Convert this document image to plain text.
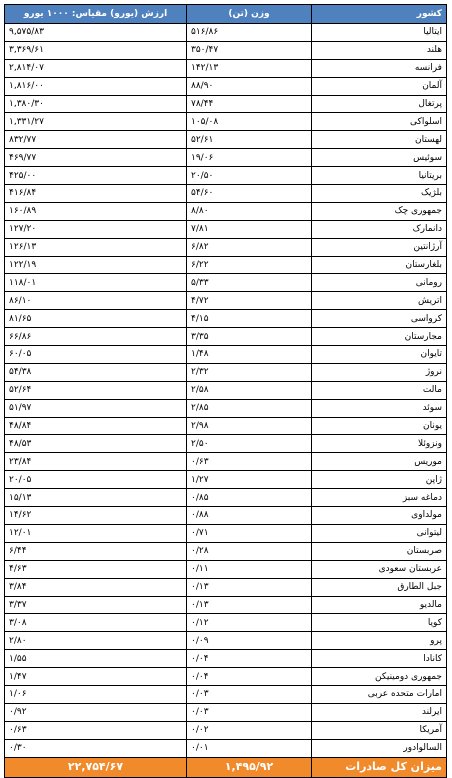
کشور	وزن (تن)	ارزش (یورو) مقیاس: ۱۰۰۰ یورو
ایتالیا	۵۱۶/۸۶	۹,۵۷۵/۸۳
هلند	۳۵۰/۴۷	۳,۳۶۹/۶۱
فرانسه	۱۴۲/۱۳	۲,۸۱۴/۰۷
آلمان	۸۸/۹۰	۱,۸۱۶/۰۰
پرتغال	۷۸/۴۴	۱,۳۸۰/۳۰
اسلواکی	۱۰۵/۰۸	۱,۳۳۱/۲۷
لهستان	۵۲/۶۱	۸۳۲/۷۷
سوئیس	۱۹/۰۶	۴۶۹/۷۷
بریتانیا	۲۰/۵۰	۴۲۵/۰۰
بلژیک	۵۴/۶۰	۴۱۶/۸۴
جمهوری چک	۸/۸۰	۱۶۰/۸۹
دانمارک	۷/۸۱	۱۲۷/۲۰
آرژانتین	۶/۸۲	۱۲۶/۱۳
بلغارستان	۶/۲۲	۱۲۲/۱۹
رومانی	۵/۳۳	۱۱۸/۰۱
اتریش	۴/۷۲	۸۶/۱۰
کرواسی	۴/۱۵	۸۱/۶۵
مجارستان	۳/۳۵	۶۶/۸۶
تایوان	۱/۴۸	۶۰/۰۵
نروژ	۲/۳۲	۵۴/۳۸
مالت	۲/۵۸	۵۲/۶۴
سوئد	۲/۸۵	۵۱/۹۷
یونان	۲/۹۸	۴۸/۸۴
ونزوئلا	۲/۵۰	۴۸/۵۳
موریس	۰/۶۳	۲۳/۸۴
ژاپن	۱/۲۷	۲۰/۰۵
دماغه سبز	۰/۸۵	۱۵/۱۳
مولداوی	۰/۸۸	۱۴/۶۲
لیتوانی	۰/۷۱	۱۲/۰۱
صربستان	۰/۲۸	۶/۴۴
عربستان سعودی	۰/۱۱	۴/۶۳
جبل الطارق	۰/۱۳	۳/۸۴
مالدیو	۰/۱۳	۳/۳۷
کویا	۰/۱۲	۳/۰۸
پرو	۰/۰۹	۲/۸۰
کانادا	۰/۰۴	۱/۵۵
جمهوری دومینیکن	۰/۰۴	۱/۴۷
امارات متحده عربی	۰/۰۳	۱/۰۶
ایرلند	۰/۰۳	۰/۹۲
آمریکا	۰/۰۲	۰/۶۳
السالوادور	۰/۰۱	۰/۳۰
میزان کل صادرات	۱,۴۹۵/۹۲	۲۲,۷۵۴/۶۷
